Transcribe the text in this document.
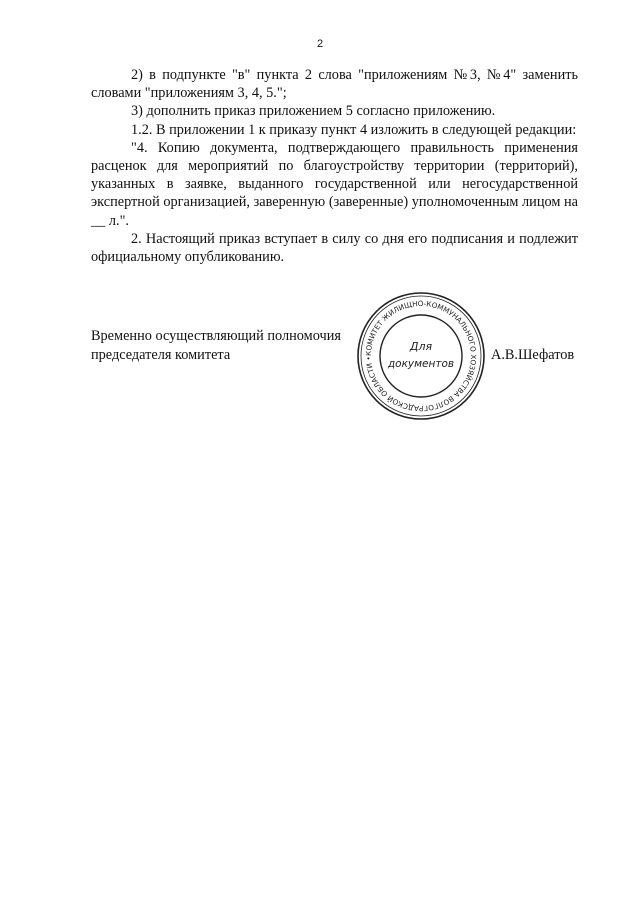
2

2) в подпункте "в" пункта 2 слова "приложениям №3, №4" заменить словами "приложениям 3, 4, 5.";

3) дополнить приказ приложением 5 согласно приложению.

1.2. В приложении 1 к приказу пункт 4 изложить в следующей редакции:

"4. Копию документа, подтверждающего правильность применения расценок для мероприятий по благоустройству территории (территорий), указанных в заявке, выданного государственной или негосударственной экспертной организацией, заверенную (заверенные) уполномоченным лицом на __ л.".

2. Настоящий приказ вступает в силу со дня его подписания и подлежит официальному опубликованию.

Временно осуществляющий полномочия
председателя комитета	КОМИТЕТ ЖИЛИЩНО-КОММУНАЛЬНОГО ХОЗЯЙСТВА ВОЛГОГРАДСКОЙ ОБЛАСТИ •
Для
документов
А.В.Шефатов
